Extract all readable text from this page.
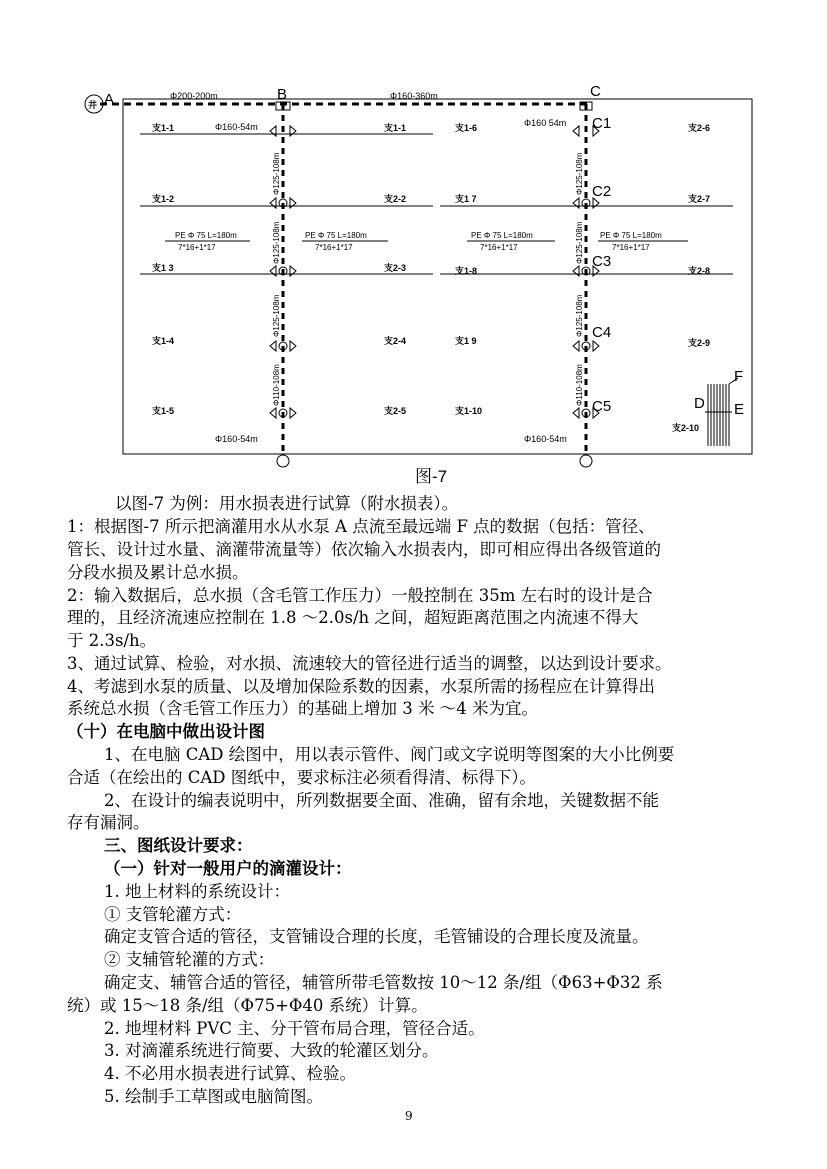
井 A	B	C
C1
C2
C3
C4
C5	D E
F
Φ200-200m	Φ160-360m
Φ160-54m	Φ160 54m
Φ160-54m	Φ160-54m
Φ125-108m
Φ125-108m
Φ125-108m
Φ110-108m
Φ125-108m
Φ125-108m
Φ125-108m
Φ110-108m
支1-1
支1-2
支1 3
支1-4
支1-5
支1-1
支2-2
支2-3
支2-4
支2-5
支1-6
支1 7
支1-8
支1 9
支1-10
支2-6
支2-7
支2-8
支2-9
支2-10
PE Φ 75 L=180m
7*16+1*17
PE Φ 75 L=180m
7*16+1*17
PE Φ 75 L=180m
7*16+1*17
PE Φ 75 L=180m
7*16+1*17
图-7
以图-7 为例：用水损表进行试算（附水损表）。
1：根据图-7 所示把滴灌用水从水泵 A 点流至最远端 F 点的数据（包括：管径、
管长、设计过水量、滴灌带流量等）依次输入水损表内，即可相应得出各级管道的
分段水损及累计总水损。
2：输入数据后，总水损（含毛管工作压力）一般控制在 35m 左右时的设计是合
理的，且经济流速应控制在 1.8 ～2.0s/h 之间，超短距离范围之内流速不得大
于 2.3s/h。
3、通过试算、检验，对水损、流速较大的管径进行适当的调整，以达到设计要求。
4、考滤到水泵的质量、以及增加保险系数的因素，水泵所需的扬程应在计算得出
系统总水损（含毛管工作压力）的基础上增加 3 米 ～4 米为宜。
（十）在电脑中做出设计图
1、在电脑 CAD 绘图中，用以表示管件、阀门或文字说明等图案的大小比例要
合适（在绘出的 CAD 图纸中，要求标注必须看得清、标得下）。
2、在设计的编表说明中，所列数据要全面、准确，留有余地，关键数据不能
存有漏洞。
三、图纸设计要求：
（一）针对一般用户的滴灌设计：
1. 地上材料的系统设计：
① 支管轮灌方式：
确定支管合适的管径，支管铺设合理的长度，毛管铺设的合理长度及流量。
② 支辅管轮灌的方式：
确定支、辅管合适的管径，辅管所带毛管数按 10～12 条/组（Φ63+Φ32 系
统）或 15～18 条/组（Φ75+Φ40 系统）计算。
2. 地埋材料 PVC 主、分干管布局合理，管径合适。
3. 对滴灌系统进行简要、大致的轮灌区划分。
4. 不必用水损表进行试算、检验。
5. 绘制手工草图或电脑简图。
9
